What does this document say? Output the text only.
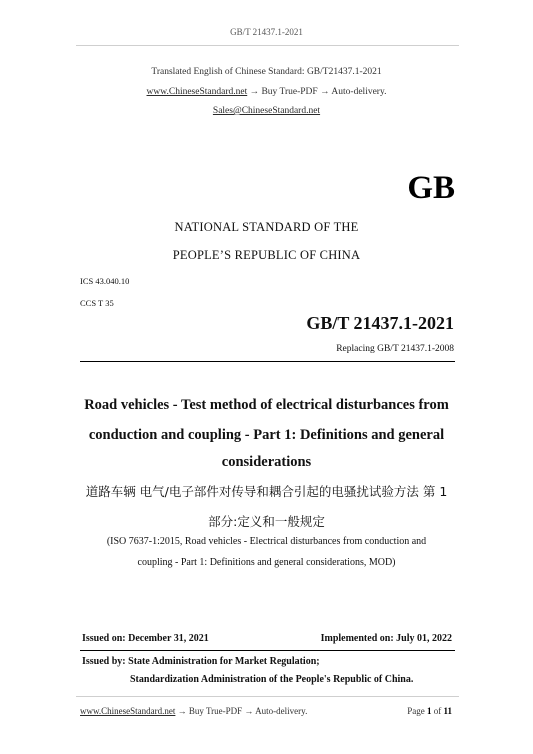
GB/T 21437.1-2021
Translated English of Chinese Standard: GB/T21437.1-2021
www.ChineseStandard.net → Buy True-PDF → Auto-delivery.
Sales@ChineseStandard.net
GB
NATIONAL STANDARD OF THE
PEOPLE’S REPUBLIC OF CHINA
ICS 43.040.10
CCS T 35
GB/T 21437.1-2021
Replacing GB/T 21437.1-2008
Road vehicles - Test method of electrical disturbances from
conduction and coupling - Part 1: Definitions and general
considerations
道路车辆 电气/电子部件对传导和耦合引起的电骚扰试验方法 第 1
部分:定义和一般规定
(ISO 7637-1:2015, Road vehicles - Electrical disturbances from conduction and
coupling - Part 1: Definitions and general considerations, MOD)
Issued on: December 31, 2021	Implemented on: July 01, 2022
Issued by: State Administration for Market Regulation;
Standardization Administration of the People's Republic of China.
www.ChineseStandard.net → Buy True-PDF → Auto-delivery.	Page 1 of 11
